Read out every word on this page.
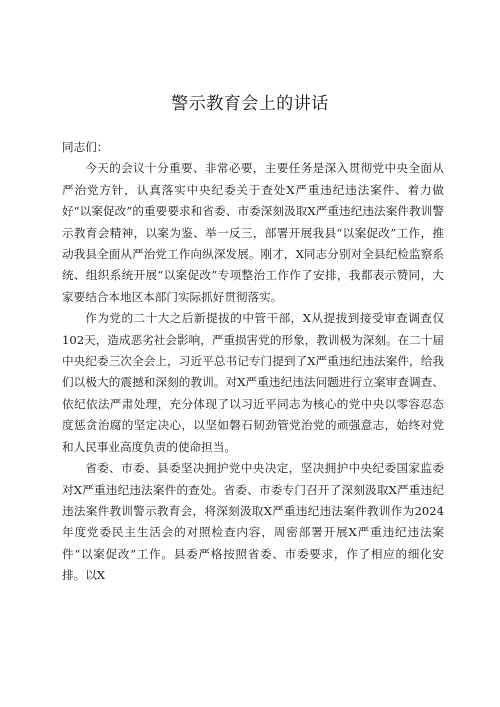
警示教育会上的讲话

同志们：

今天的会议十分重要、非常必要，主要任务是深入贯彻党中央全面从严治党方针，认真落实中央纪委关于查处X严重违纪违法案件、着力做好“以案促改”的重要要求和省委、市委深刻汲取X严重违纪违法案件教训警示教育会精神，以案为鉴、举一反三，部署开展我县“以案促改”工作，推动我县全面从严治党工作向纵深发展。刚才，X同志分别对全县纪检监察系统、组织系统开展“以案促改”专项整治工作作了安排，我都表示赞同，大家要结合本地区本部门实际抓好贯彻落实。

作为党的二十大之后新提拔的中管干部，X从提拔到接受审查调查仅102天，造成恶劣社会影响，严重损害党的形象，教训极为深刻。在二十届中央纪委三次全会上，习近平总书记专门提到了X严重违纪违法案件，给我们以极大的震撼和深刻的教训。对X严重违纪违法问题进行立案审查调查、依纪依法严肃处理，充分体现了以习近平同志为核心的党中央以零容忍态度惩贪治腐的坚定决心，以坚如磐石韧劲管党治党的顽强意志，始终对党和人民事业高度负责的使命担当。

省委、市委、县委坚决拥护党中央决定，坚决拥护中央纪委国家监委对X严重违纪违法案件的查处。省委、市委专门召开了深刻汲取X严重违纪违法案件教训警示教育会，将深刻汲取X严重违纪违法案件教训作为2024年度党委民主生活会的对照检查内容，周密部署开展X严重违纪违法案件“以案促改”工作。县委严格按照省委、市委要求，作了相应的细化安排。以X
